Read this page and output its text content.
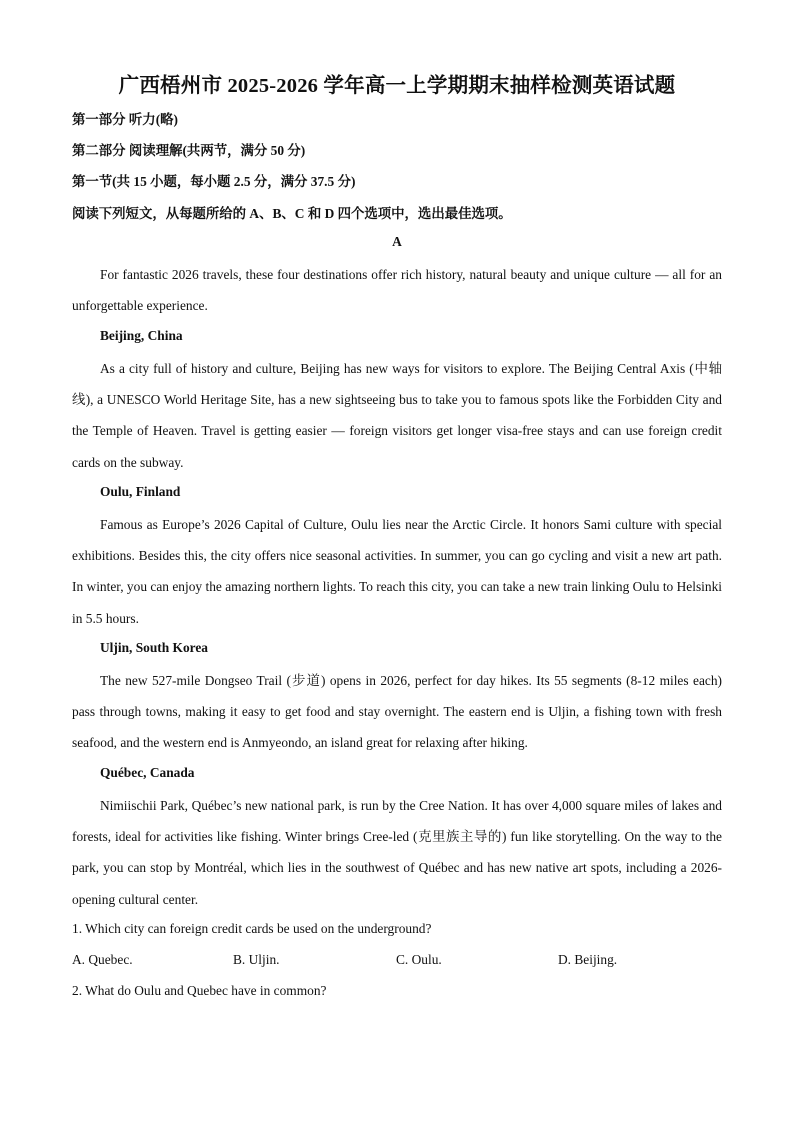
广西梧州市 2025-2026 学年高一上学期期末抽样检测英语试题
第一部分 听力(略)
第二部分 阅读理解(共两节，满分 50 分)
第一节(共 15 小题，每小题 2.5 分，满分 37.5 分)
阅读下列短文，从每题所给的 A、B、C 和 D 四个选项中，选出最佳选项。
A

For fantastic 2026 travels, these four destinations offer rich history, natural beauty and unique culture — all for an unforgettable experience.

Beijing, China

As a city full of history and culture, Beijing has new ways for visitors to explore. The Beijing Central Axis (中轴线), a UNESCO World Heritage Site, has a new sightseeing bus to take you to famous spots like the Forbidden City and the Temple of Heaven. Travel is getting easier — foreign visitors get longer visa-free stays and can use foreign credit cards on the subway.

Oulu, Finland

Famous as Europe’s 2026 Capital of Culture, Oulu lies near the Arctic Circle. It honors Sami culture with special exhibitions. Besides this, the city offers nice seasonal activities. In summer, you can go cycling and visit a new art path. In winter, you can enjoy the amazing northern lights. To reach this city, you can take a new train linking Oulu to Helsinki in 5.5 hours.

Uljin, South Korea

The new 527-mile Dongseo Trail (步道) opens in 2026, perfect for day hikes. Its 55 segments (8-12 miles each) pass through towns, making it easy to get food and stay overnight. The eastern end is Uljin, a fishing town with fresh seafood, and the western end is Anmyeondo, an island great for relaxing after hiking.

Québec, Canada

Nimiischii Park, Québec’s new national park, is run by the Cree Nation. It has over 4,000 square miles of lakes and forests, ideal for activities like fishing. Winter brings Cree-led (克里族主导的) fun like storytelling. On the way to the park, you can stop by Montréal, which lies in the southwest of Québec and has new native art spots, including a 2026-opening cultural center.

1. Which city can foreign credit cards be used on the underground?
A. Quebec.	B. Uljin.	C. Oulu.	D. Beijing.
2. What do Oulu and Quebec have in common?
